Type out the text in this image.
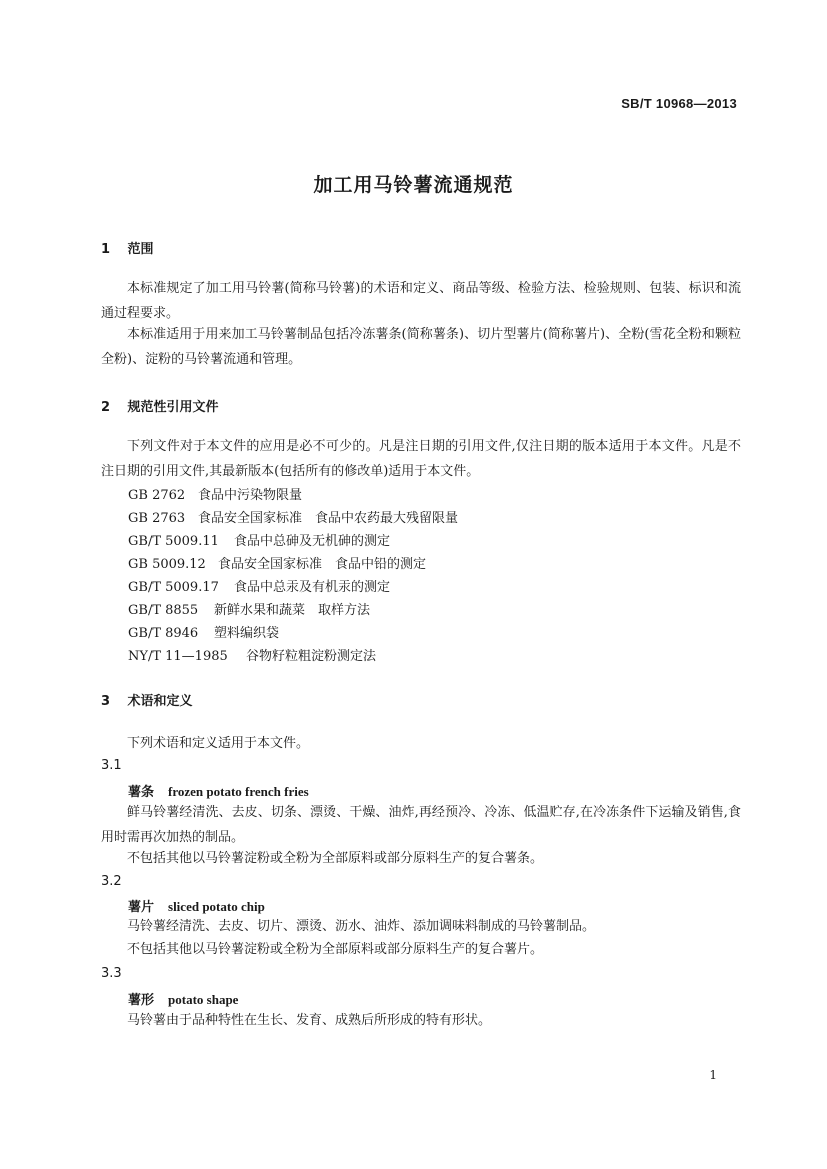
SB/T 10968—2013
加工用马铃薯流通规范
1 范围
本标准规定了加工用马铃薯(简称马铃薯)的术语和定义、商品等级、检验方法、检验规则、包装、标识和流通过程要求。
本标准适用于用来加工马铃薯制品包括冷冻薯条(简称薯条)、切片型薯片(简称薯片)、全粉(雪花全粉和颗粒全粉)、淀粉的马铃薯流通和管理。
2 规范性引用文件
下列文件对于本文件的应用是必不可少的。凡是注日期的引用文件,仅注日期的版本适用于本文件。凡是不注日期的引用文件,其最新版本(包括所有的修改单)适用于本文件。
GB 2762 食品中污染物限量
GB 2763 食品安全国家标准　食品中农药最大残留限量
GB/T 5009.11 食品中总砷及无机砷的测定
GB 5009.12 食品安全国家标准　食品中铅的测定
GB/T 5009.17 食品中总汞及有机汞的测定
GB/T 8855 新鲜水果和蔬菜　取样方法
GB/T 8946 塑料编织袋
NY/T 11—1985 谷物籽粒粗淀粉测定法
3 术语和定义
下列术语和定义适用于本文件。
3.1
薯条 frozen potato french fries
鲜马铃薯经清洗、去皮、切条、漂烫、干燥、油炸,再经预冷、冷冻、低温贮存,在冷冻条件下运输及销售,食用时需再次加热的制品。
不包括其他以马铃薯淀粉或全粉为全部原料或部分原料生产的复合薯条。
3.2
薯片 sliced potato chip
马铃薯经清洗、去皮、切片、漂烫、沥水、油炸、添加调味料制成的马铃薯制品。
不包括其他以马铃薯淀粉或全粉为全部原料或部分原料生产的复合薯片。
3.3
薯形 potato shape
马铃薯由于品种特性在生长、发育、成熟后所形成的特有形状。
1
